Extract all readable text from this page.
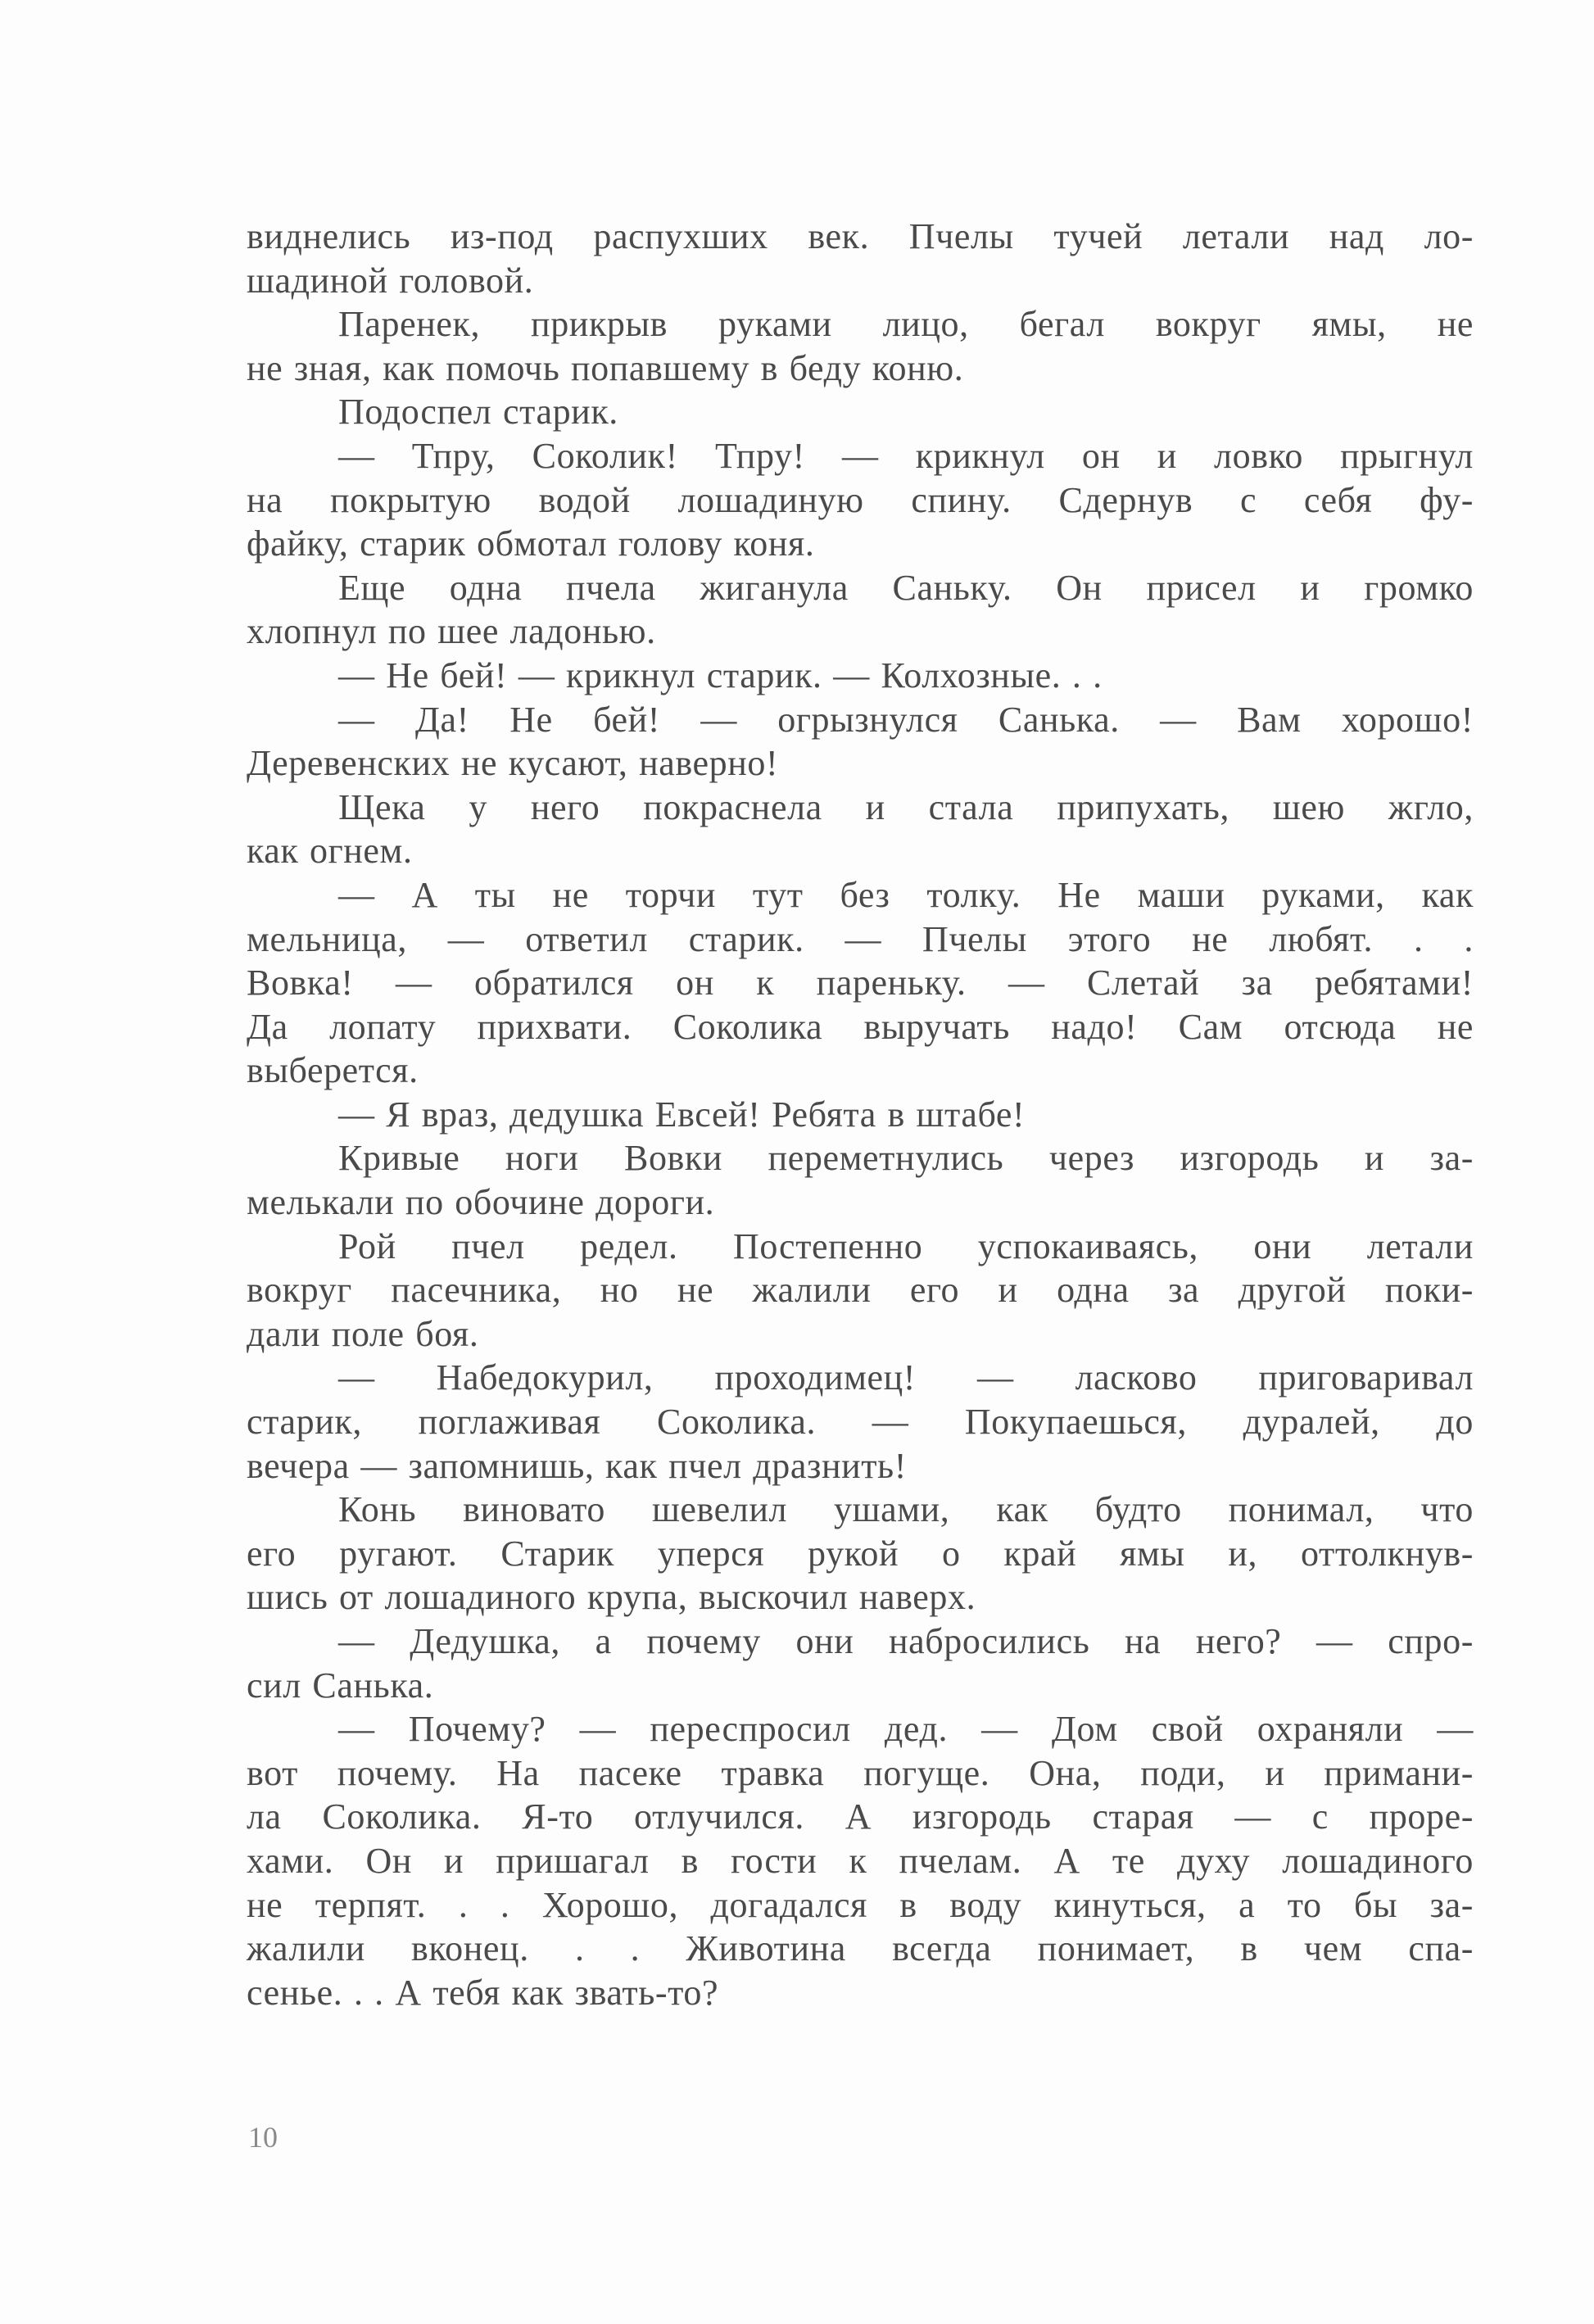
виднелись из-под распухших век. Пчелы тучей летали над ло-
шадиной головой.
Паренек, прикрыв руками лицо, бегал вокруг ямы, не
не зная, как помочь попавшему в беду коню.
Подоспел старик.
— Тпру, Соколик! Тпру! — крикнул он и ловко прыгнул
на покрытую водой лошадиную спину. Сдернув с себя фу-
файку, старик обмотал голову коня.
Еще одна пчела жиганула Саньку. Он присел и громко
хлопнул по шее ладонью.
— Не бей! — крикнул старик. — Колхозные. . .
— Да! Не бей! — огрызнулся Санька. — Вам хорошо!
Деревенских не кусают, наверно!
Щека у него покраснела и стала припухать, шею жгло,
как огнем.
— А ты не торчи тут без толку. Не маши руками, как
мельница, — ответил старик. — Пчелы этого не любят. . .
Вовка! — обратился он к пареньку. — Слетай за ребятами!
Да лопату прихвати. Соколика выручать надо! Сам отсюда не
выберется.
— Я враз, дедушка Евсей! Ребята в штабе!
Кривые ноги Вовки переметнулись через изгородь и за-
мелькали по обочине дороги.
Рой пчел редел. Постепенно успокаиваясь, они летали
вокруг пасечника, но не жалили его и одна за другой поки-
дали поле боя.
— Набедокурил, проходимец! — ласково приговаривал
старик, поглаживая Соколика. — Покупаешься, дуралей, до
вечера — запомнишь, как пчел дразнить!
Конь виновато шевелил ушами, как будто понимал, что
его ругают. Старик уперся рукой о край ямы и, оттолкнув-
шись от лошадиного крупа, выскочил наверх.
— Дедушка, а почему они набросились на него? — спро-
сил Санька.
— Почему? — переспросил дед. — Дом свой охраняли —
вот почему. На пасеке травка погуще. Она, поди, и примани-
ла Соколика. Я-то отлучился. А изгородь старая — с проре-
хами. Он и пришагал в гости к пчелам. А те духу лошадиного
не терпят. . . Хорошо, догадался в воду кинуться, а то бы за-
жалили вконец. . . Животина всегда понимает, в чем спа-
сенье. . . А тебя как звать-то?
10
